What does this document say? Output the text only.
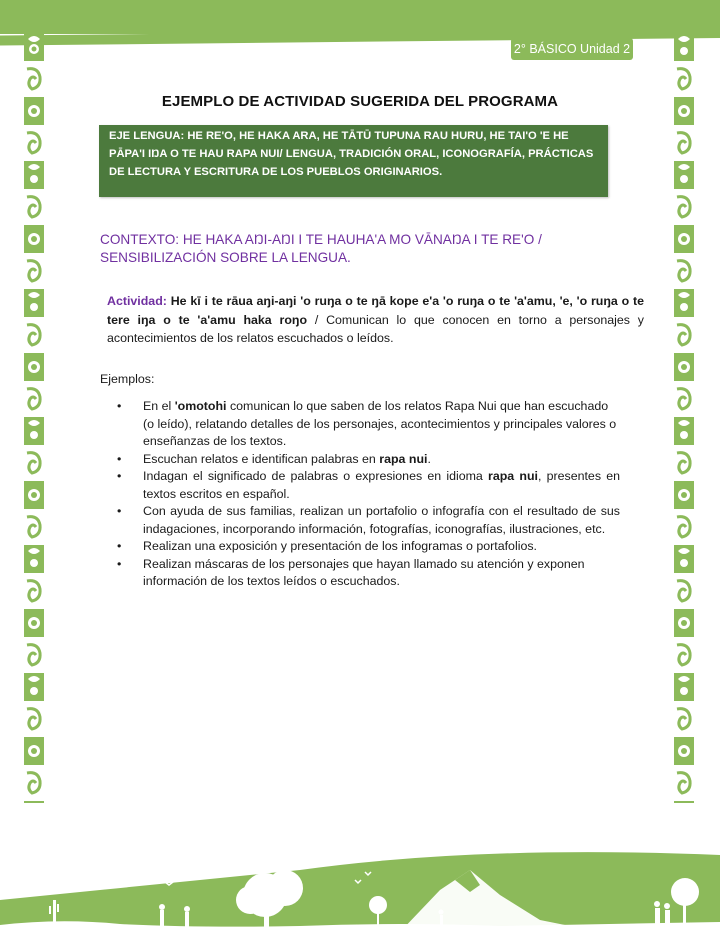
2° BÁSICO Unidad 2
EJEMPLO DE ACTIVIDAD SUGERIDA DEL PROGRAMA
EJE LENGUA: HE RE'O, HE HAKA ARA, HE TĀTŪ TUPUNA RAU HURU, HE TAI'O 'E HE PĀPA'I IŊA O TE HAU RAPA NUI/ LENGUA, TRADICIÓN ORAL, ICONOGRAFÍA, PRÁCTICAS DE LECTURA Y ESCRITURA DE LOS PUEBLOS ORIGINARIOS.
CONTEXTO: HE HAKA AŊI-AŊI I TE HAUHA'A MO VĀNAŊA I TE RE'O / SENSIBILIZACIÓN SOBRE LA LENGUA.
Actividad: He kī i te rāua aŋi-aŋi 'o ruŋa o te ŋā kope e'a 'o ruŋa o te 'a'amu, 'e, 'o ruŋa o te tere iŋa o te 'a'amu haka roŋo / Comunican lo que conocen en torno a personajes y acontecimientos de los relatos escuchados o leídos.
Ejemplos:
• En el 'omotohi comunican lo que saben de los relatos Rapa Nui que han escuchado (o leído), relatando detalles de los personajes, acontecimientos y principales valores o enseñanzas de los textos.
• Escuchan relatos e identifican palabras en rapa nui.
• Indagan el significado de palabras o expresiones en idioma rapa nui, presentes en textos escritos en español.
• Con ayuda de sus familias, realizan un portafolio o infografía con el resultado de sus indagaciones, incorporando información, fotografías, iconografías, ilustraciones, etc.
• Realizan una exposición y presentación de los infogramas o portafolios.
• Realizan máscaras de los personajes que hayan llamado su atención y exponen información de los textos leídos o escuchados.
